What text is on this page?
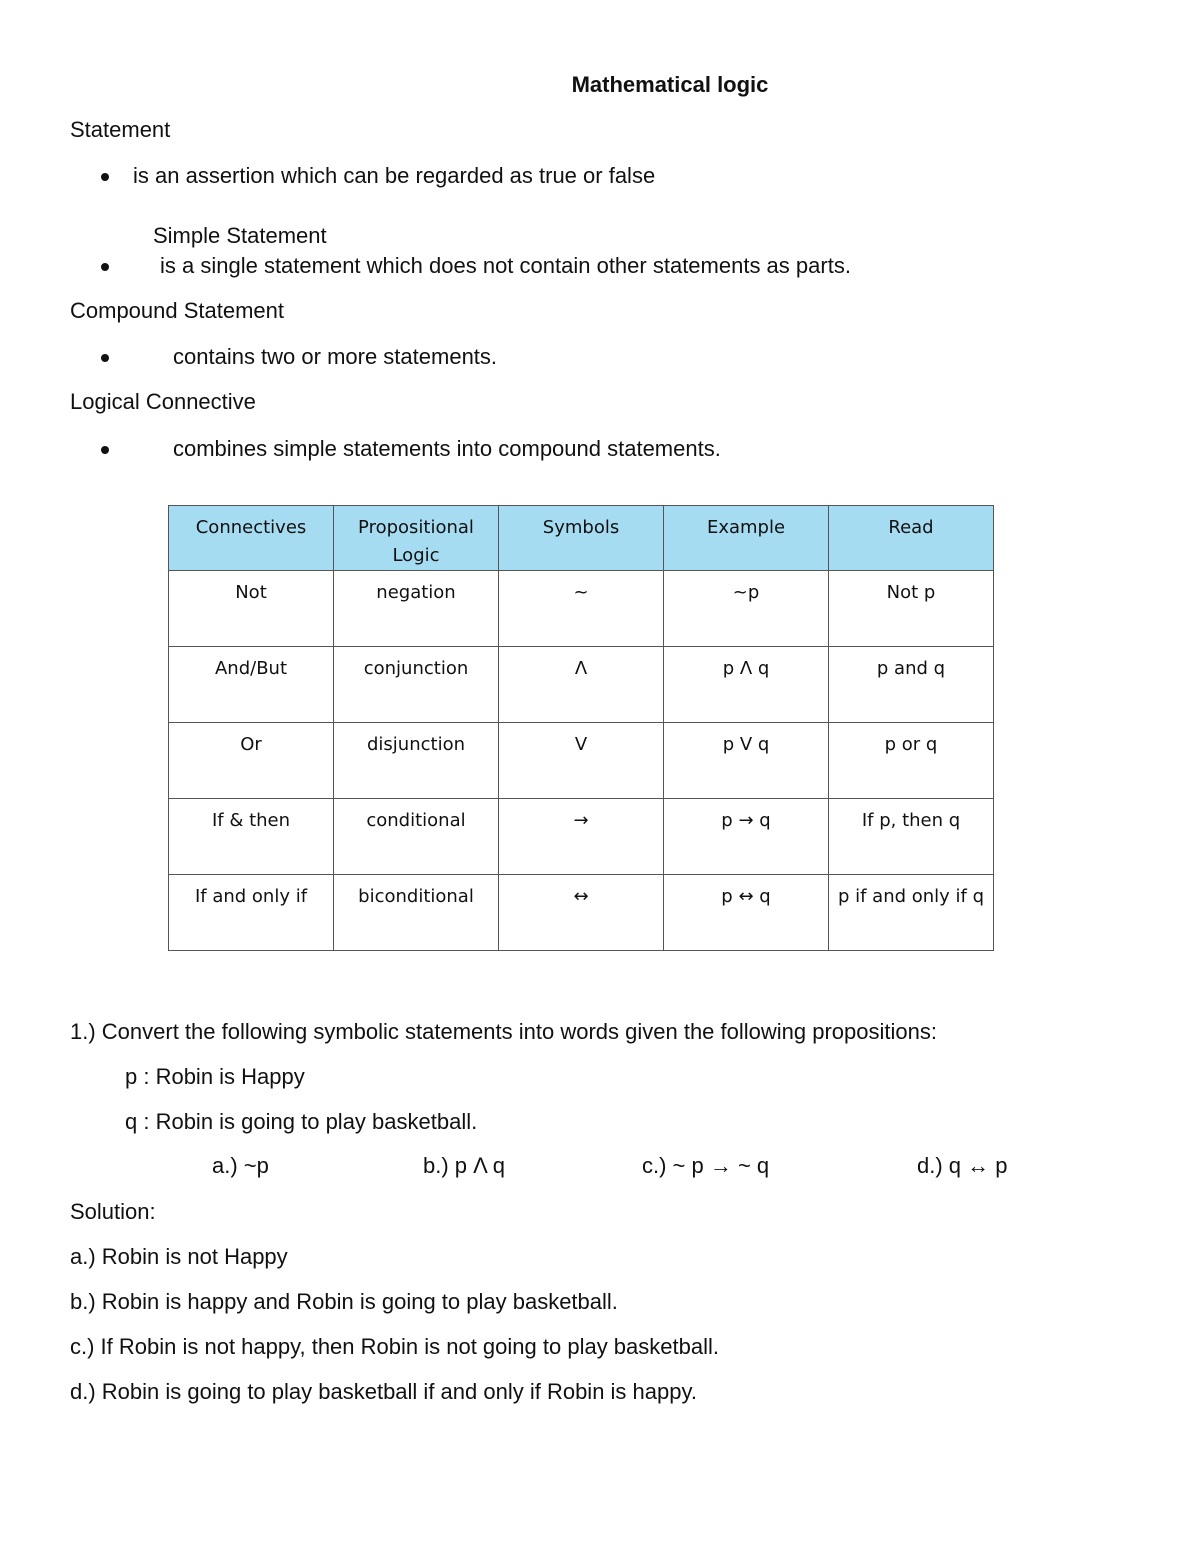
Mathematical logic
Statement
is an assertion which can be regarded as true or false
Simple Statement
is a single statement which does not contain other statements as parts.
Compound Statement
contains two or more statements.
Logical Connective
combines simple statements into compound statements.
Connectives	Propositional Logic	Symbols	Example	Read
Not	negation	~	~p	Not p
And/But	conjunction	Λ	p Λ q	p and q
Or	disjunction	V	p V q	p or q
If & then	conditional	→	p → q	If p, then q
If and only if	biconditional	↔	p ↔ q	p if and only if q
1.) Convert the following symbolic statements into words given the following propositions:
p : Robin is Happy
q : Robin is going to play basketball.
a.) ~p	b.) p Λ q	c.) ~ p → ~ q	d.) q ↔ p
Solution:
a.) Robin is not Happy
b.) Robin is happy and Robin is going to play basketball.
c.) If Robin is not happy, then Robin is not going to play basketball.
d.) Robin is going to play basketball if and only if Robin is happy.
